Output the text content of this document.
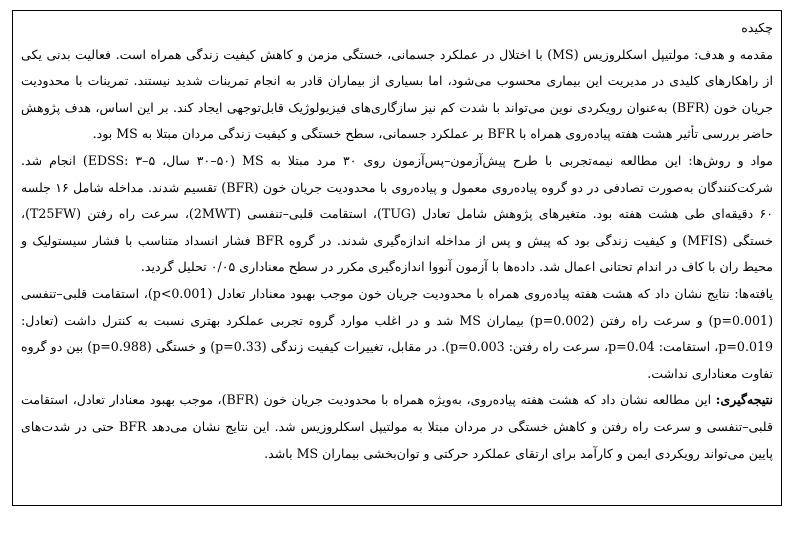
چکیده

مقدمه و هدف: مولتیپل اسکلروزیس (MS) با اختلال در عملکرد جسمانی، خستگی مزمن و کاهش کیفیت زندگی همراه است. فعالیت بدنی یکی از راهکارهای کلیدی در مدیریت این بیماری محسوب می‌شود، اما بسیاری از بیماران قادر به انجام تمرینات شدید نیستند. تمرینات با محدودیت جریان خون (BFR) به‌عنوان رویکردی نوین می‌تواند با شدت کم نیز سازگاری‌های فیزیولوژیک قابل‌توجهی ایجاد کند. بر این اساس، هدف پژوهش حاضر بررسی تأثیر هشت هفته پیاده‌روی همراه با BFR بر عملکرد جسمانی، سطح خستگی و کیفیت زندگی مردان مبتلا به MS بود.

مواد و روش‌ها: این مطالعه نیمه‌تجربی با طرح پیش‌آزمون–پس‌آزمون روی ۳۰ مرد مبتلا به MS (۳۰–۵۰ سال، EDSS: ۳–۵) انجام شد. شرکت‌کنندگان به‌صورت تصادفی در دو گروه پیاده‌روی معمول و پیاده‌روی با محدودیت جریان خون (BFR) تقسیم شدند. مداخله شامل ۱۶ جلسه ۶۰ دقیقه‌ای طی هشت هفته بود. متغیرهای پژوهش شامل تعادل (TUG)، استقامت قلبی–تنفسی (2MWT)، سرعت راه رفتن (T25FW)، خستگی (MFIS) و کیفیت زندگی بود که پیش و پس از مداخله اندازه‌گیری شدند. در گروه BFR فشار انسداد متناسب با فشار سیستولیک و محیط ران با کاف در اندام تحتانی اعمال شد. داده‌ها با آزمون آنووا اندازه‌گیری مکرر در سطح معناداری ۰/۰۵ تحلیل گردید.

یافته‌ها: نتایج نشان داد که هشت هفته پیاده‌روی همراه با محدودیت جریان خون موجب بهبود معنادار تعادل (p<0.001)، استقامت قلبی–تنفسی (p=0.001) و سرعت راه رفتن (p=0.002) بیماران MS شد و در اغلب موارد گروه تجربی عملکرد بهتری نسبت به کنترل داشت (تعادل: p=0.019، استقامت: p=0.04، سرعت راه رفتن: p=0.003). در مقابل، تغییرات کیفیت زندگی (p=0.33) و خستگی (p=0.988) بین دو گروه تفاوت معناداری نداشت.

نتیجه‌گیری: این مطالعه نشان داد که هشت هفته پیاده‌روی، به‌ویژه همراه با محدودیت جریان خون (BFR)، موجب بهبود معنادار تعادل، استقامت قلبی–تنفسی و سرعت راه رفتن و کاهش خستگی در مردان مبتلا به مولتیپل اسکلروزیس شد. این نتایج نشان می‌دهد BFR حتی در شدت‌های پایین می‌تواند رویکردی ایمن و کارآمد برای ارتقای عملکرد حرکتی و توان‌بخشی بیماران MS باشد.
